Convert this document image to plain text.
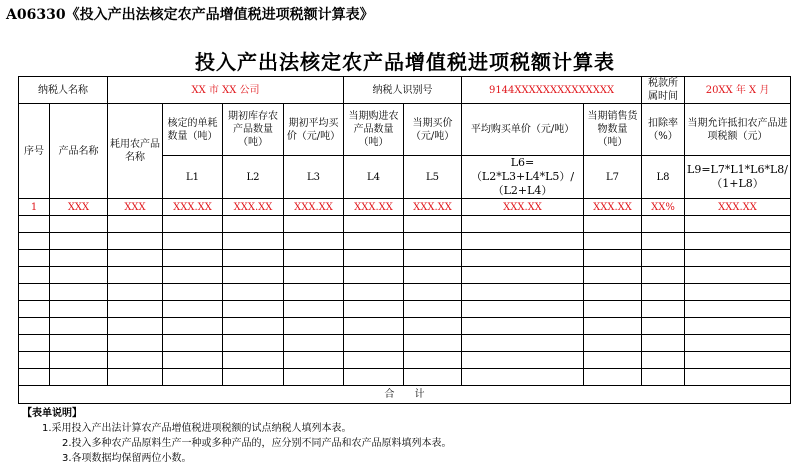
A06330《投入产出法核定农产品增值税进项税额计算表》
投入产出法核定农产品增值税进项税额计算表
纳税人名称		XX 市 XX 公司				纳税人识别号		9144XXXXXXXXXXXXXX		税款所属时间	20XX 年 X 月
序号	产品名称	耗用农产品名称	核定的单耗数量（吨）	期初库存农产品数量（吨）	期初平均买价（元/吨）	当期购进农产品数量（吨）	当期买价（元/吨）	平均购买单价（元/吨）	当期销售货物数量（吨）	扣除率（%）	当期允许抵扣农产品进项税额（元）
			L1	L2	L3	L4	L5	L6=（L2*L3+L4*L5）/（L2+L4）	L7	L8	L9=L7*L1*L6*L8/（1+L8）
1	XXX	XXX	XXX.XX	XXX.XX	XXX.XX	XXX.XX	XXX.XX	XXX.XX	XXX.XX	XX%	XXX.XX

合　　计											
【表单说明】
1.采用投入产出法计算农产品增值税进项税额的试点纳税人填列本表。
2.投入多种农产品原料生产一种或多种产品的，应分别不同产品和农产品原料填列本表。
3.各项数据均保留两位小数。
